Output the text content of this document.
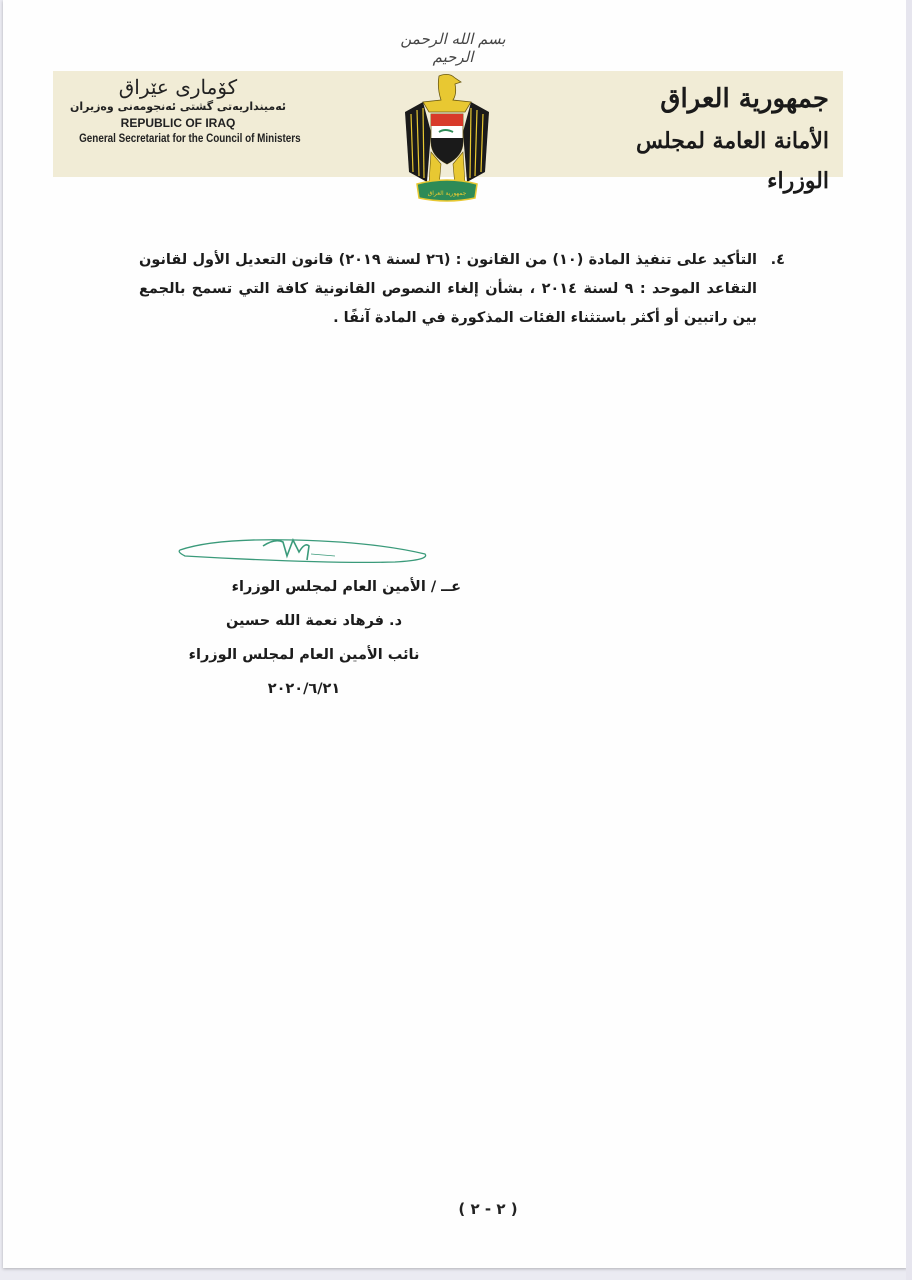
بسم الله الرحمن الرحيم
كۆماری عێراق
ئەمینداریەتی گشتی ئەنجومەنی وەزیران
REPUBLIC OF IRAQ
General Secretariat for the Council of Ministers
جمهورية العراق
الأمانة العامة لمجلس الوزراء
جمهورية العراق
٤.
التأكيد على تنفيذ المادة (١٠) من القانون : (٢٦ لسنة ٢٠١٩) قانون التعديل الأول لقانون التقاعد الموحد : ٩ لسنة ٢٠١٤ ، بشأن إلغاء النصوص القانونية كافة التي تسمح بالجمع بين راتبين أو أكثر باستثناء الفئات المذكورة في المادة آنفًا .
عــ / الأمين العام لمجلس الوزراء
د. فرهاد نعمة الله حسين
نائب الأمين العام لمجلس الوزراء
٢٠٢٠/٦/٢١
( ٢ - ٢ )
